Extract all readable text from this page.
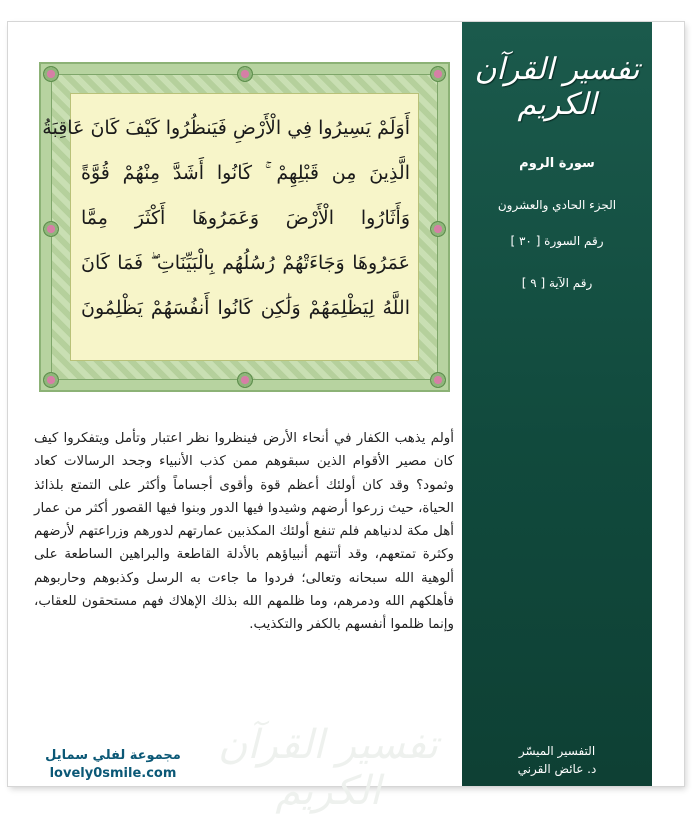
تفسير القرآن الكريم
سورة الروم
الجزء الحادي والعشرون
رقم السورة [ ٣٠ ]
رقم الآية [ ٩ ]
التفسير الميسّر
د. عائض القرني
أَوَلَمْ يَسِيرُوا فِي الْأَرْضِ فَيَنظُرُوا كَيْفَ كَانَ عَاقِبَةُ
الَّذِينَ مِن قَبْلِهِمْ ۚ كَانُوا أَشَدَّ مِنْهُمْ قُوَّةً
وَأَثَارُوا الْأَرْضَ وَعَمَرُوهَا أَكْثَرَ مِمَّا
عَمَرُوهَا وَجَاءَتْهُمْ رُسُلُهُم بِالْبَيِّنَاتِ ۖ فَمَا كَانَ
اللَّهُ لِيَظْلِمَهُمْ وَلَٰكِن كَانُوا أَنفُسَهُمْ يَظْلِمُونَ
أولم يذهب الكفار في أنحاء الأرض فينظروا نظر اعتبار وتأمل ويتفكروا كيف كان مصير الأقوام الذين سبقوهم ممن كذب الأنبياء وجحد الرسالات كعاد وثمود؟ وقد كان أولئك أعظم قوة وأقوى أجساماً وأكثر على التمتع بلذائذ الحياة، حيث زرعوا أرضهم وشيدوا فيها الدور وبنوا فيها القصور أكثر من عمار أهل مكة لدنياهم فلم تنفع أولئك المكذبين عمارتهم لدورهم وزراعتهم لأرضهم وكثرة تمتعهم، وقد أتتهم أنبياؤهم بالأدلة القاطعة والبراهين الساطعة على ألوهية الله سبحانه وتعالى؛ فردوا ما جاءت به الرسل وكذبوهم وحاربوهم فأهلكهم الله ودمرهم، وما ظلمهم الله بذلك الإهلاك فهم مستحقون للعقاب، وإنما ظلموا أنفسهم بالكفر والتكذيب.
تفسير القرآن الكريم
مجموعة لفلي سمايل
lovely0smile.com
